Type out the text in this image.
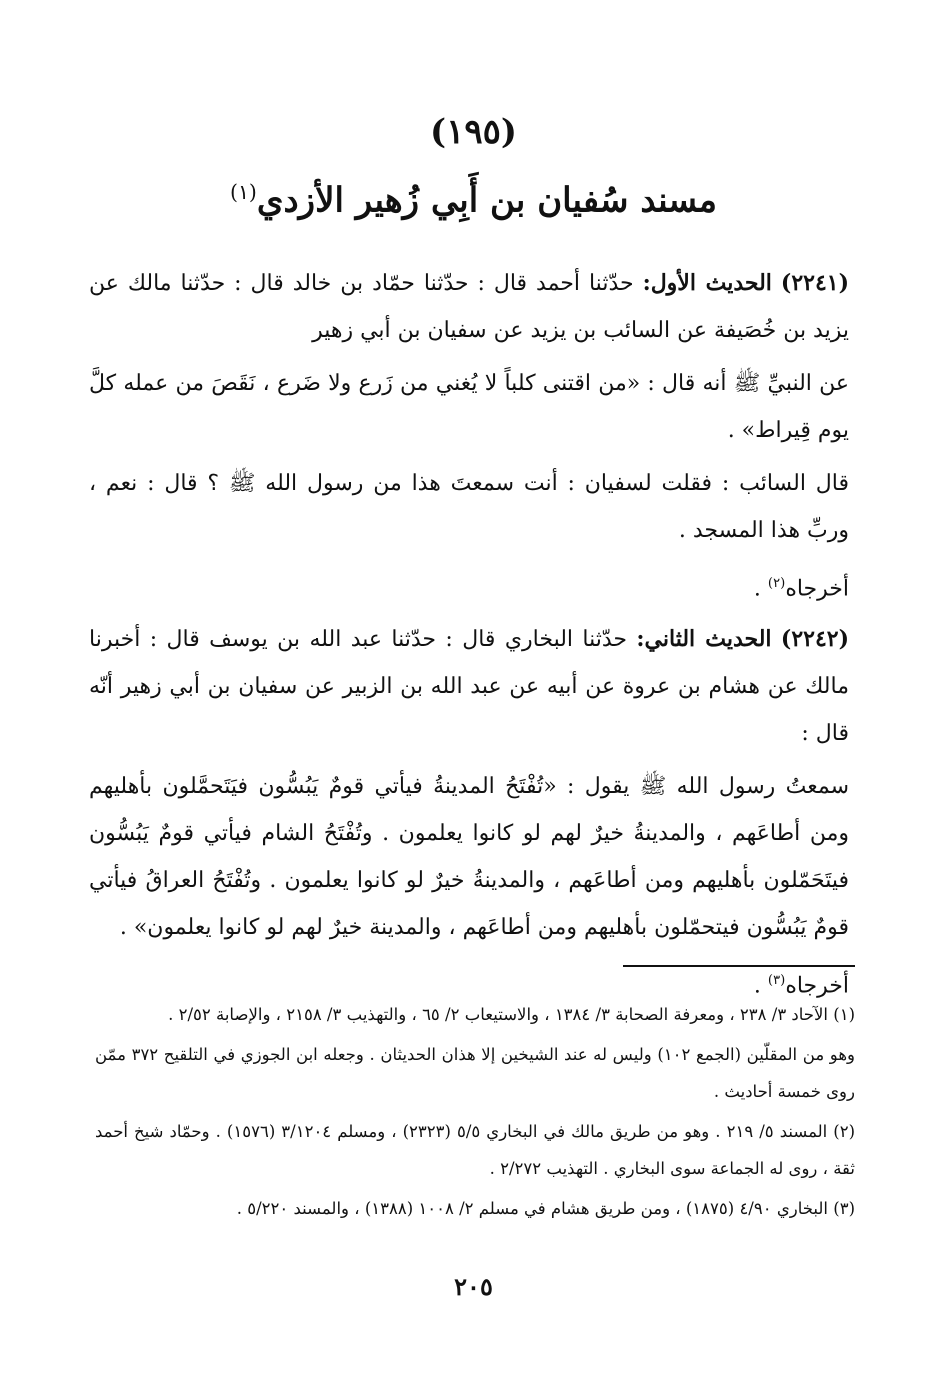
(١٩٥)
مسند سُفيان بن أَبِي زُهير الأزدي$^{(١)}$

(٢٢٤١) الحديث الأول: حدّثنا أحمد قال : حدّثنا حمّاد بن خالد قال : حدّثنا مالك عن يزيد بن خُصَيفة عن السائب بن يزيد عن سفيان بن أبي زهير

عن النبيِّ ﷺ أنه قال : «من اقتنى كلباً لا يُغني من زَرع ولا ضَرع ، نَقَصَ من عمله كلَّ يوم قِيراط» .

قال السائب : فقلت لسفيان : أنت سمعتَ هذا من رسول الله ﷺ ؟ قال : نعم ، وربِّ هذا المسجد .

أخرجاه$^{(٢)}$ .

(٢٢٤٢) الحديث الثاني: حدّثنا البخاري قال : حدّثنا عبد الله بن يوسف قال : أخبرنا مالك عن هشام بن عروة عن أبيه عن عبد الله بن الزبير عن سفيان بن أبي زهير أنّه قال :

سمعتُ رسول الله ﷺ يقول : «تُفْتَحُ المدينةُ فيأتي قومٌ يَبُسُّون فيَتَحمَّلون بأهليهم ومن أطاعَهم ، والمدينةُ خيرٌ لهم لو كانوا يعلمون . وتُفْتَحُ الشام فيأتي قومٌ يَبُسُّون فيتَحَمّلون بأهليهم ومن أطاعَهم ، والمدينةُ خيرٌ لو كانوا يعلمون . وتُفْتَحُ العراقُ فيأتي قومٌ يَبُسُّون فيتحمّلون بأهليهم ومن أطاعَهم ، والمدينة خيرٌ لهم لو كانوا يعلمون» .

أخرجاه$^{(٣)}$ .

(١) الآحاد ٣/ ٢٣٨ ، ومعرفة الصحابة ٣/ ١٣٨٤ ، والاستيعاب ٢/ ٦٥ ، والتهذيب ٣/ ٢١٥٨ ، والإصابة ٢/٥٢ .

وهو من المقلّين (الجمع ١٠٢) وليس له عند الشيخين إلا هذان الحديثان . وجعله ابن الجوزي في التلقيح ٣٧٢ ممّن روى خمسة أحاديث .

(٢) المسند ٥/ ٢١٩ . وهو من طريق مالك في البخاري ٥/٥ (٢٣٢٣) ، ومسلم ٣/١٢٠٤ (١٥٧٦) . وحمّاد شيخ أحمد ثقة ، روى له الجماعة سوى البخاري . التهذيب ٢/٢٧٢ .

(٣) البخاري ٤/٩٠ (١٨٧٥) ، ومن طريق هشام في مسلم ٢/ ١٠٠٨ (١٣٨٨) ، والمسند ٥/٢٢٠ .

٢٠٥
